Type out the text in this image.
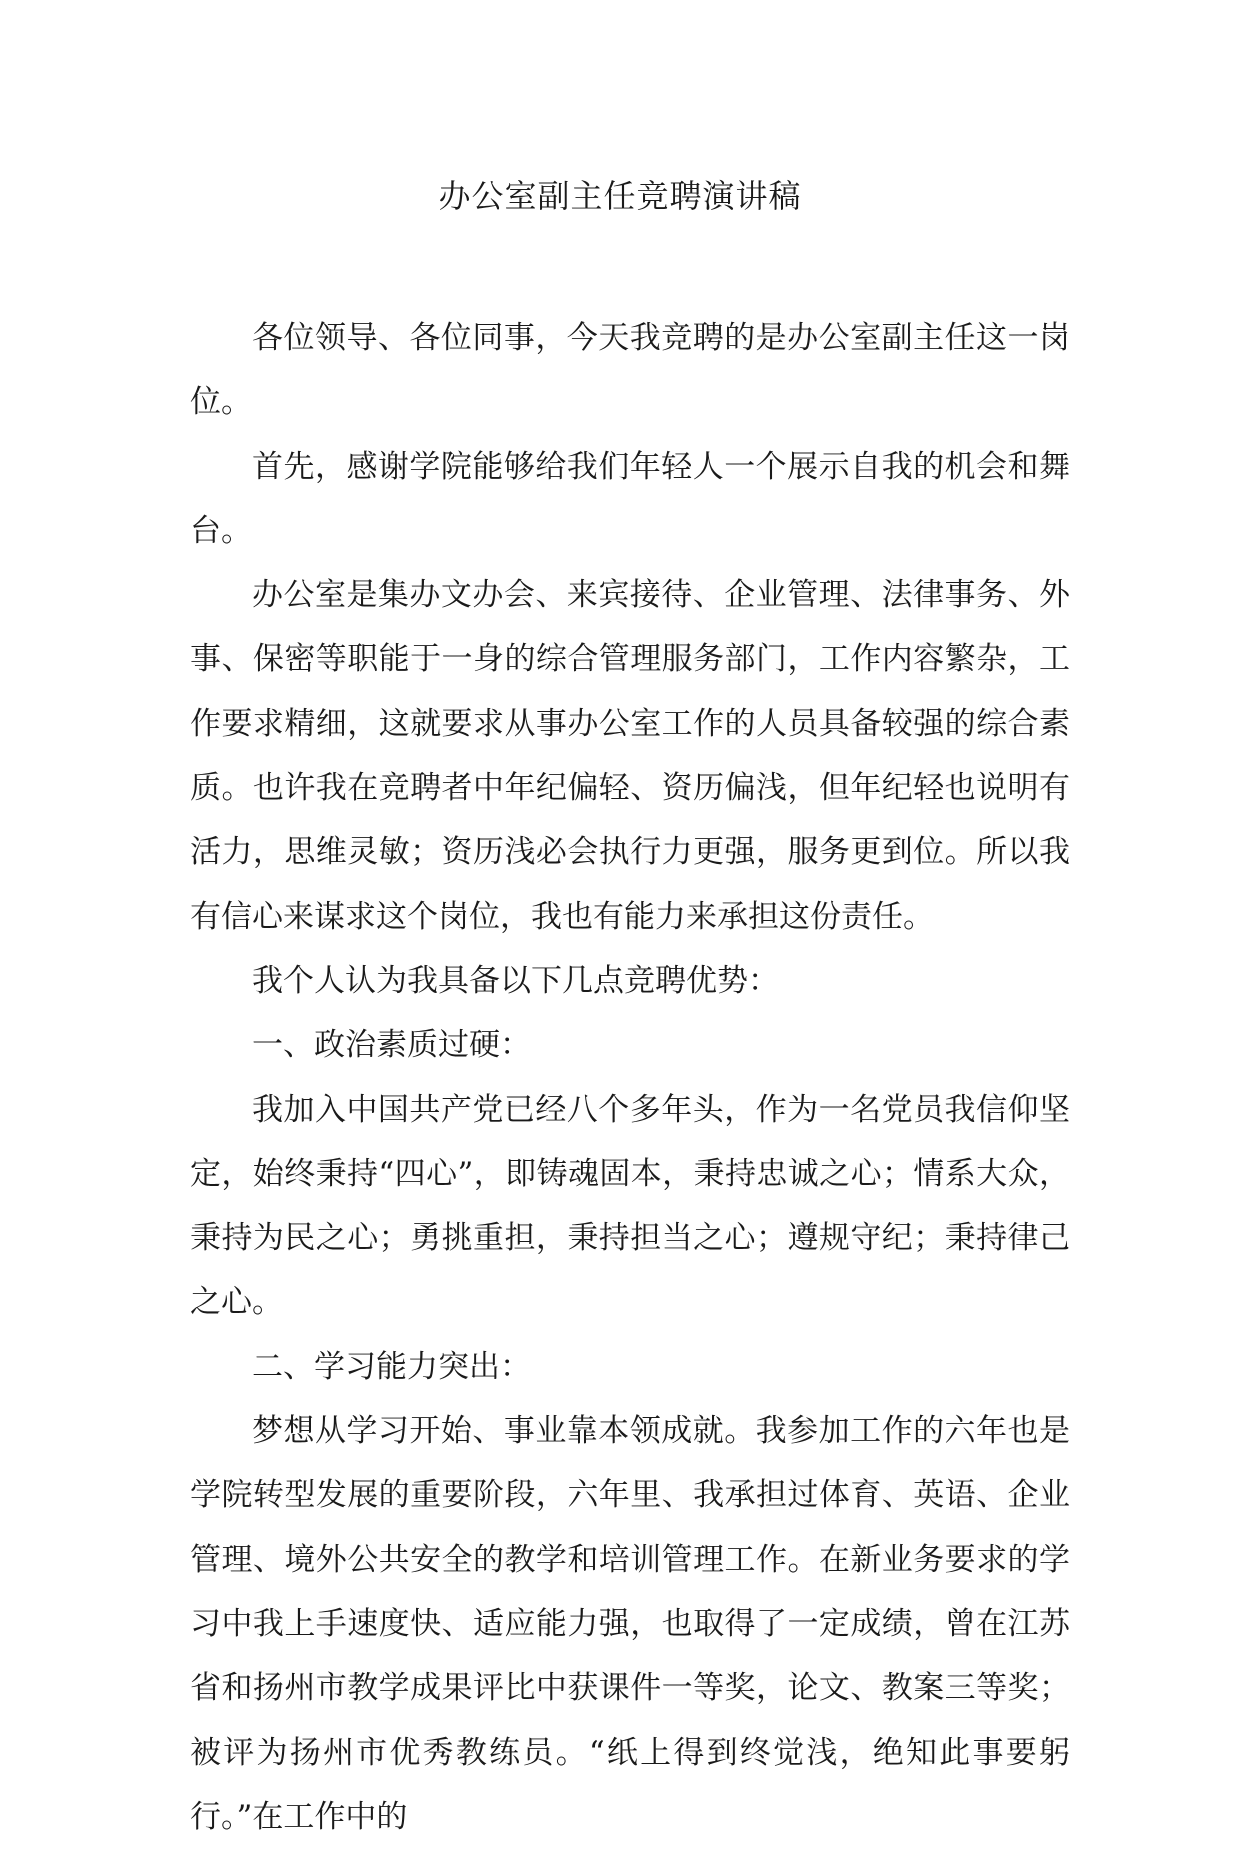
办公室副主任竞聘演讲稿

各位领导、各位同事，今天我竞聘的是办公室副主任这一岗位。

首先，感谢学院能够给我们年轻人一个展示自我的机会和舞台。

办公室是集办文办会、来宾接待、企业管理、法律事务、外事、保密等职能于一身的综合管理服务部门，工作内容繁杂，工作要求精细，这就要求从事办公室工作的人员具备较强的综合素质。也许我在竞聘者中年纪偏轻、资历偏浅，但年纪轻也说明有活力，思维灵敏；资历浅必会执行力更强，服务更到位。所以我有信心来谋求这个岗位，我也有能力来承担这份责任。

我个人认为我具备以下几点竞聘优势：

一、政治素质过硬：

我加入中国共产党已经八个多年头，作为一名党员我信仰坚定，始终秉持“四心”，即铸魂固本，秉持忠诚之心；情系大众，秉持为民之心；勇挑重担，秉持担当之心；遵规守纪；秉持律己之心。

二、学习能力突出：

梦想从学习开始、事业靠本领成就。我参加工作的六年也是学院转型发展的重要阶段，六年里、我承担过体育、英语、企业管理、境外公共安全的教学和培训管理工作。在新业务要求的学习中我上手速度快、适应能力强，也取得了一定成绩，曾在江苏省和扬州市教学成果评比中获课件一等奖，论文、教案三等奖；被评为扬州市优秀教练员。“纸上得到终觉浅，绝知此事要躬行。”在工作中的
